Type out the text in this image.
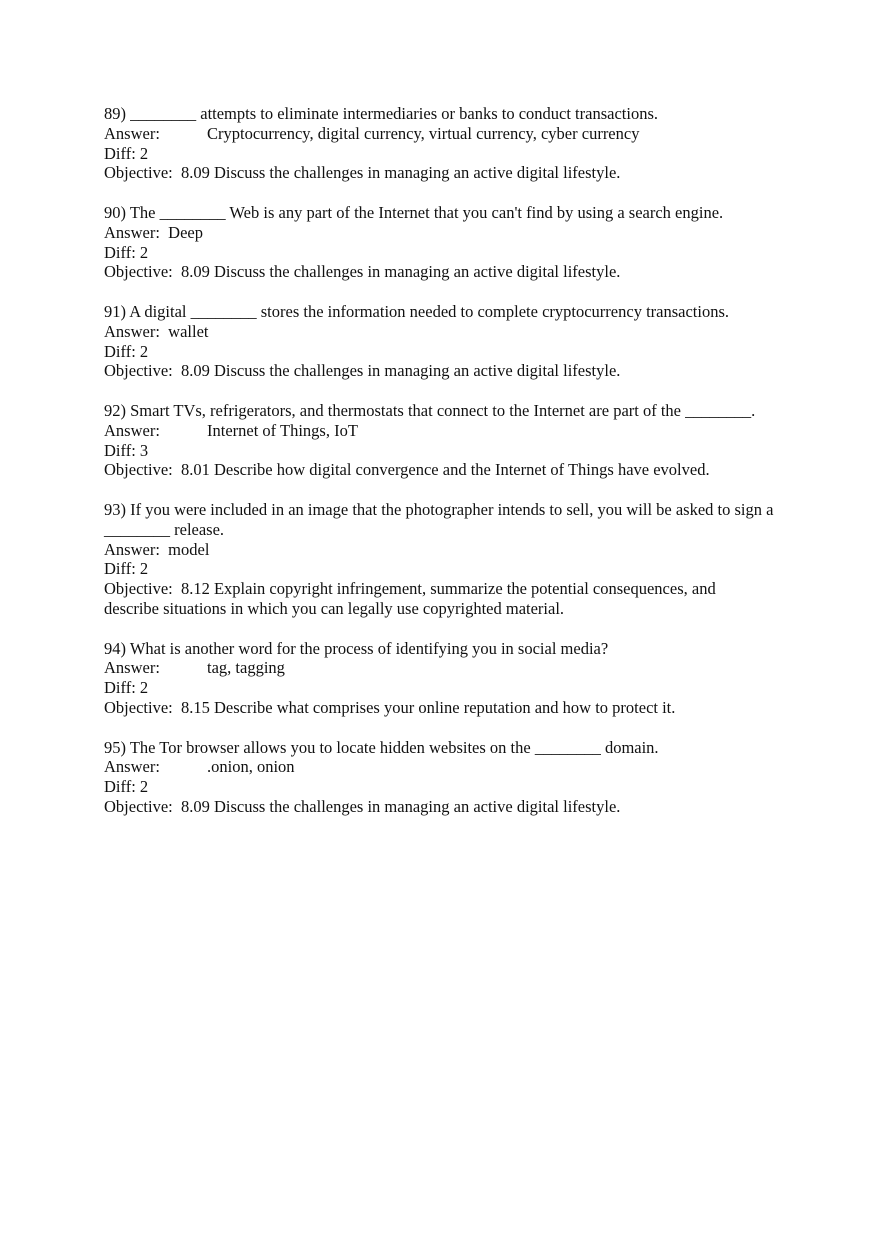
89) ________ attempts to eliminate intermediaries or banks to conduct transactions.
Answer:	Cryptocurrency, digital currency, virtual currency, cyber currency
Diff: 2
Objective:  8.09 Discuss the challenges in managing an active digital lifestyle.
90) The ________ Web is any part of the Internet that you can't find by using a search engine.
Answer:  Deep
Diff: 2
Objective:  8.09 Discuss the challenges in managing an active digital lifestyle.
91) A digital ________ stores the information needed to complete cryptocurrency transactions.
Answer:  wallet
Diff: 2
Objective:  8.09 Discuss the challenges in managing an active digital lifestyle.
92) Smart TVs, refrigerators, and thermostats that connect to the Internet are part of the ________.
Answer:	Internet of Things, IoT
Diff: 3
Objective:  8.01 Describe how digital convergence and the Internet of Things have evolved.
93) If you were included in an image that the photographer intends to sell, you will be asked to sign a ________ release.
Answer:  model
Diff: 2
Objective:  8.12 Explain copyright infringement, summarize the potential consequences, and describe situations in which you can legally use copyrighted material.
94) What is another word for the process of identifying you in social media?
Answer:	tag, tagging
Diff: 2
Objective:  8.15 Describe what comprises your online reputation and how to protect it.
95) The Tor browser allows you to locate hidden websites on the ________ domain.
Answer:	.onion, onion
Diff: 2
Objective:  8.09 Discuss the challenges in managing an active digital lifestyle.
